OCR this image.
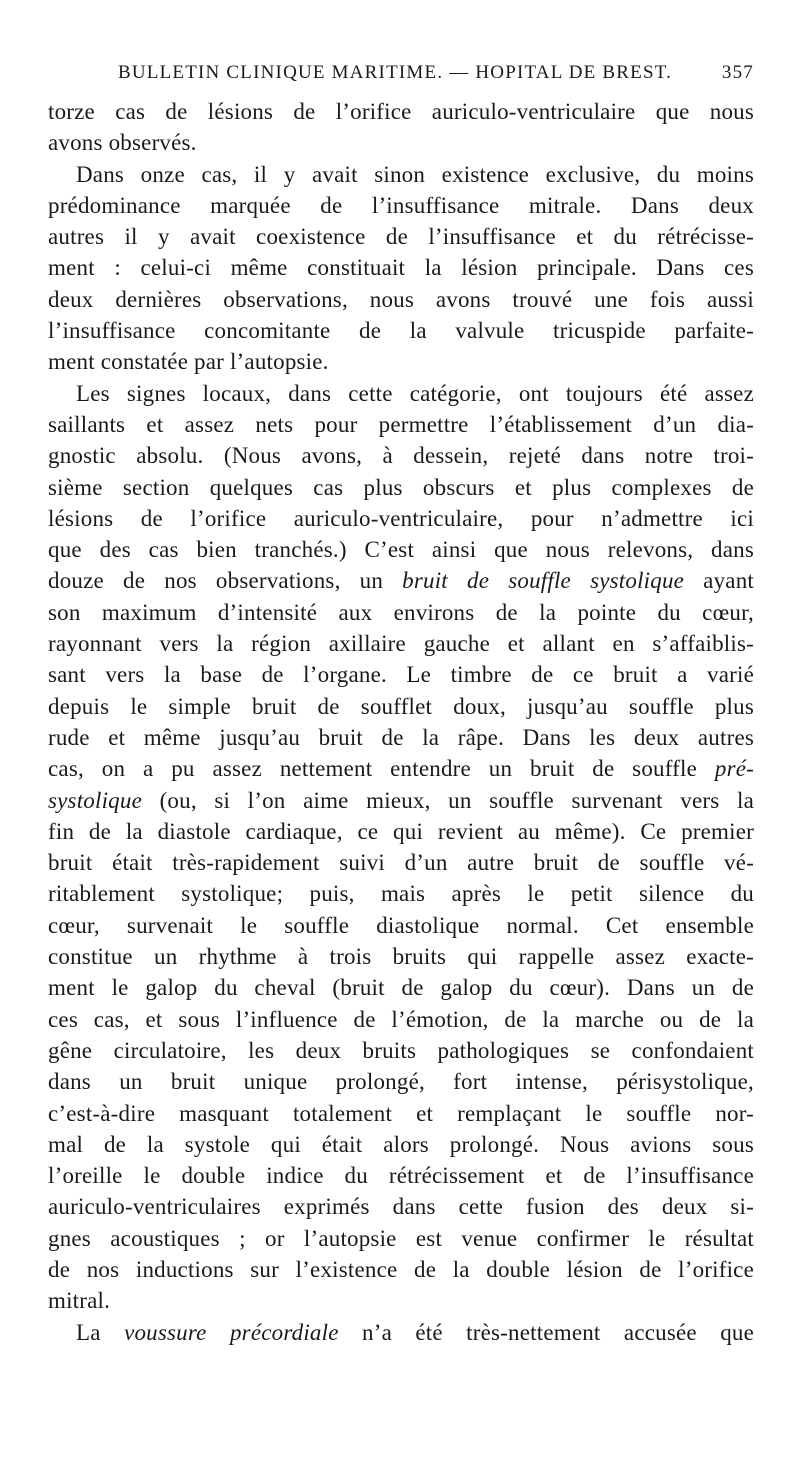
BULLETIN CLINIQUE MARITIME. — HOPITAL DE BREST.	357
torze cas de lésions de l’orifice auriculo-ventriculaire que nous
avons observés.
Dans onze cas, il y avait sinon existence exclusive, du moins
prédominance marquée de l’insuffisance mitrale. Dans deux
autres il y avait coexistence de l’insuffisance et du rétrécisse-
ment : celui-ci même constituait la lésion principale. Dans ces
deux dernières observations, nous avons trouvé une fois aussi
l’insuffisance concomitante de la valvule tricuspide parfaite-
ment constatée par l’autopsie.
Les signes locaux, dans cette catégorie, ont toujours été assez
saillants et assez nets pour permettre l’établissement d’un dia-
gnostic absolu. (Nous avons, à dessein, rejeté dans notre troi-
sième section quelques cas plus obscurs et plus complexes de
lésions de l’orifice auriculo-ventriculaire, pour n’admettre ici
que des cas bien tranchés.) C’est ainsi que nous relevons, dans
douze de nos observations, un bruit de souffle systolique ayant
son maximum d’intensité aux environs de la pointe du cœur,
rayonnant vers la région axillaire gauche et allant en s’affaiblis-
sant vers la base de l’organe. Le timbre de ce bruit a varié
depuis le simple bruit de soufflet doux, jusqu’au souffle plus
rude et même jusqu’au bruit de la râpe. Dans les deux autres
cas, on a pu assez nettement entendre un bruit de souffle pré-
systolique (ou, si l’on aime mieux, un souffle survenant vers la
fin de la diastole cardiaque, ce qui revient au même). Ce premier
bruit était très-rapidement suivi d’un autre bruit de souffle vé-
ritablement systolique; puis, mais après le petit silence du
cœur, survenait le souffle diastolique normal. Cet ensemble
constitue un rhythme à trois bruits qui rappelle assez exacte-
ment le galop du cheval (bruit de galop du cœur). Dans un de
ces cas, et sous l’influence de l’émotion, de la marche ou de la
gêne circulatoire, les deux bruits pathologiques se confondaient
dans un bruit unique prolongé, fort intense, périsystolique,
c’est-à-dire masquant totalement et remplaçant le souffle nor-
mal de la systole qui était alors prolongé. Nous avions sous
l’oreille le double indice du rétrécissement et de l’insuffisance
auriculo-ventriculaires exprimés dans cette fusion des deux si-
gnes acoustiques ; or l’autopsie est venue confirmer le résultat
de nos inductions sur l’existence de la double lésion de l’orifice
mitral.
La voussure précordiale n’a été très-nettement accusée que
